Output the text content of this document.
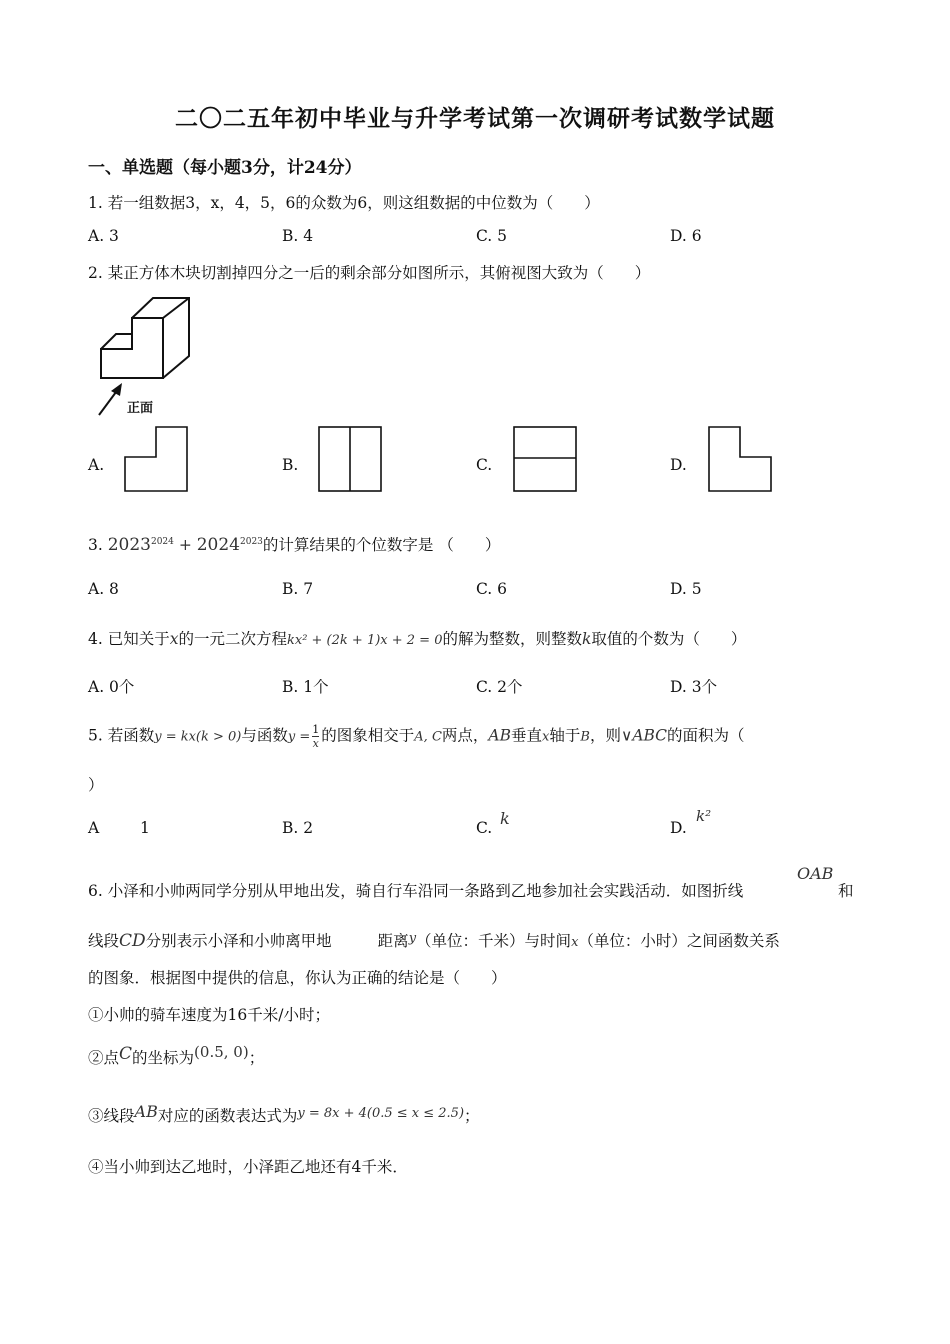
二〇二五年初中毕业与升学考试第一次调研考试数学试题
一、单选题（每小题3分，计24分）
1. 若一组数据3，x，4，5，6的众数为6，则这组数据的中位数为（　　）
A. 3	B. 4	C. 5	D. 6
2. 某正方体木块切割掉四分之一后的剩余部分如图所示，其俯视图大致为（　　）
正面
A.	B.	C.	D.
3. $2023^{2024} + 2024^{2023}$的计算结果的个位数字是 （　　）
A. 8	B. 7	C. 6	D. 5
4. 已知关于x的一元二次方程kx² + (2k + 1)x + 2 = 0的解为整数，则整数k取值的个数为（　　）
A. 0个	B. 1个	C. 2个	D. 3个
5. 若函数y = kx(k > 0)与函数$y = \frac{1}{x}$ 的图象相交于A, C两点，AB垂直x轴于B，则∨ABC的面积为（
）
A	1	B. 2	C. k	D.
k²
6. 小泽和小帅两同学分别从甲地出发，骑自行车沿同一条路到乙地参加社会实践活动．如图折线
OAB
和
线段CD分别表示小泽和小帅离甲地	距离$^y$（单位：千米）与时间x（单位：小时）之间函数关系
的图象．根据图中提供的信息，你认为正确的结论是（　　）
①小帅的骑车速度为16千米/小时；
②点C的坐标为(0.5, 0)；
③线段AB对应的函数表达式为$^{y = 8x + 4(0.5 \le x \le 2.5)}$；
④当小帅到达乙地时，小泽距乙地还有4千米．
